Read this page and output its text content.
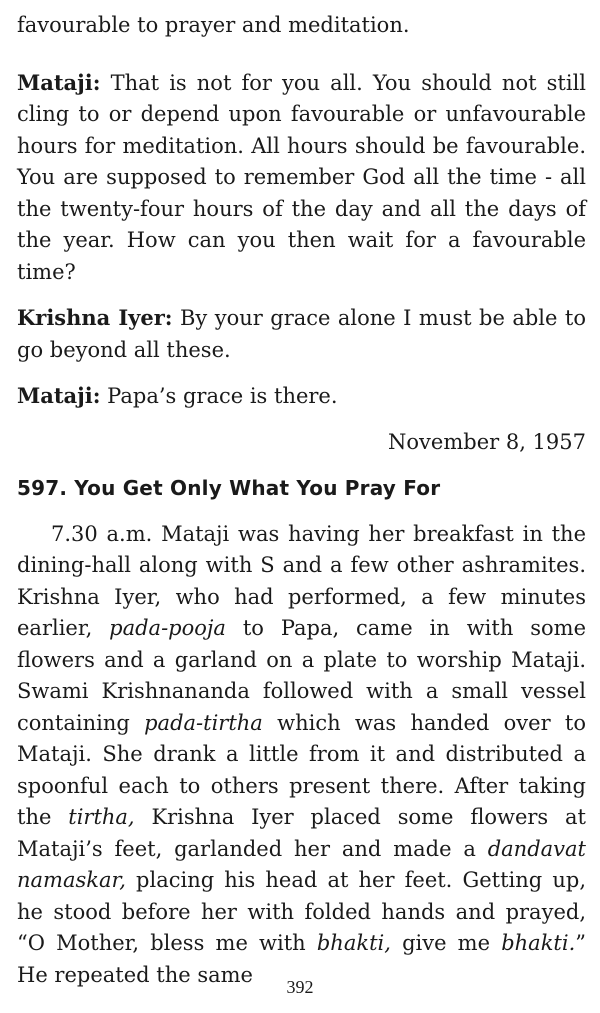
favourable to prayer and meditation.

Mataji: That is not for you all. You should not still cling to or depend upon favourable or unfavourable hours for meditation. All hours should be favourable. You are supposed to remember God all the time - all the twenty-four hours of the day and all the days of the year. How can you then wait for a favourable time?

Krishna Iyer: By your grace alone I must be able to go beyond all these.

Mataji: Papa’s grace is there.

November 8, 1957

597. You Get Only What You Pray For

7.30 a.m. Mataji was having her breakfast in the dining-hall along with S and a few other ashramites. Krishna Iyer, who had performed, a few minutes earlier, pada-pooja to Papa, came in with some flowers and a garland on a plate to worship Mataji. Swami Krishnananda followed with a small vessel containing pada-tirtha which was handed over to Mataji. She drank a little from it and distributed a spoonful each to others present there. After taking the tirtha, Krishna Iyer placed some flowers at Mataji’s feet, garlanded her and made a dandavat namaskar, placing his head at her feet. Getting up, he stood before her with folded hands and prayed, “O Mother, bless me with bhakti, give me bhakti.” He repeated the same

392
